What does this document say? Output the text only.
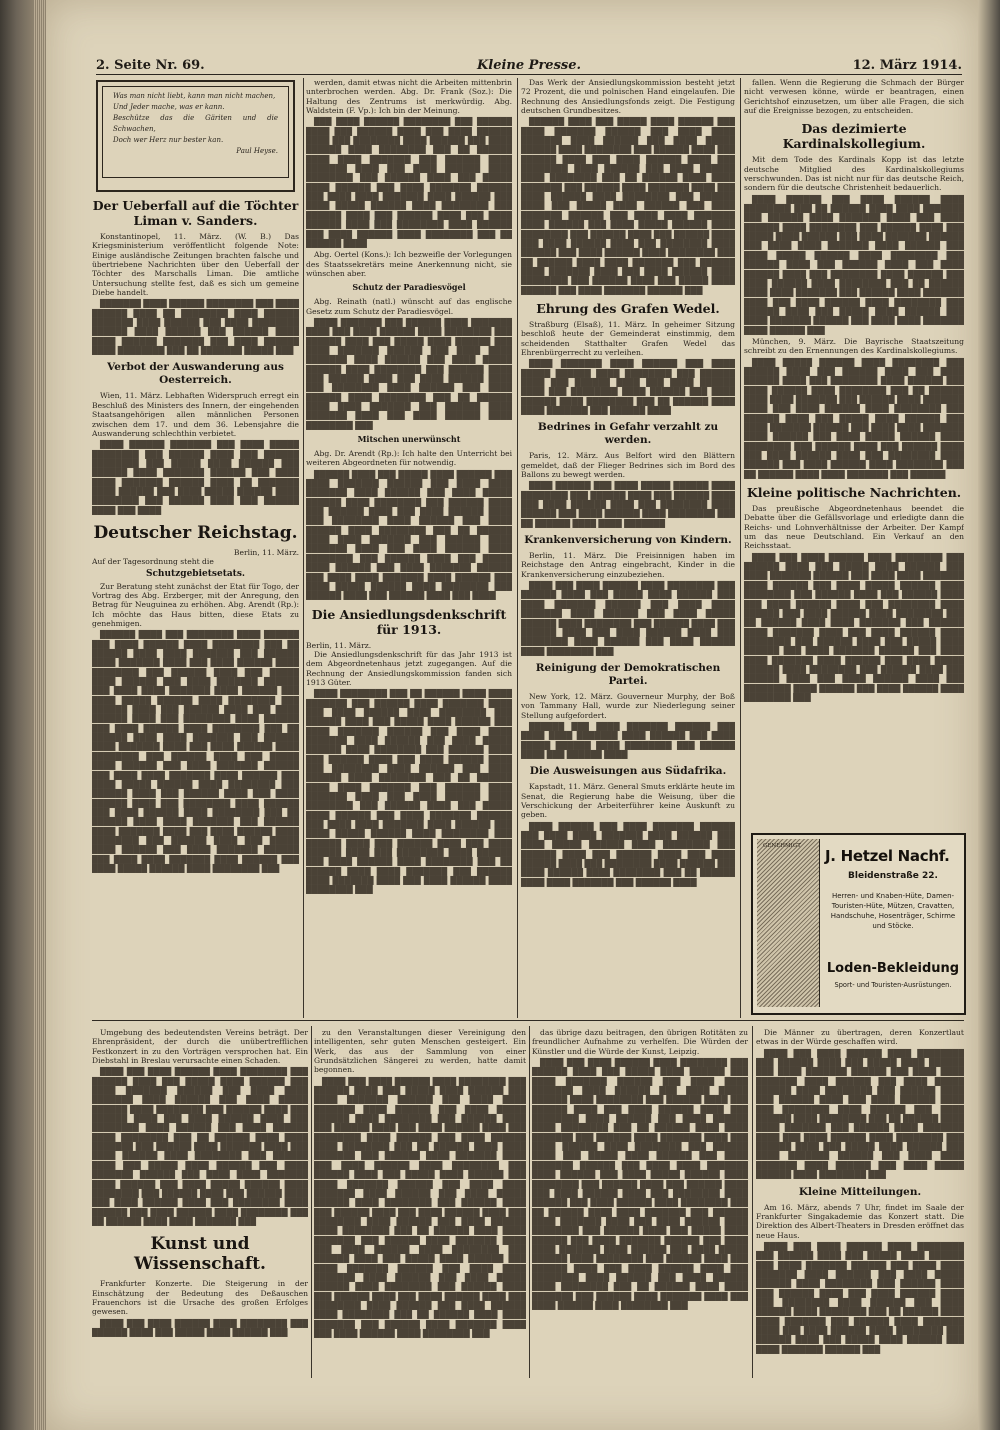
2. Seite Nr. 69.	Kleine Presse.	12. März 1914.
Was man nicht liebt, kann man nicht machen,
Und Jeder mache, was er kann.
Beschütze das die Gäriten und die Schwachen,
Doch wer Herz nur bester kan.
Paul Heyse.
Der Ueberfall auf die Töchter Liman v. Sanders.

Konstantinopel, 11. März. (W. B.) Das Kriegsministerium veröffentlicht folgende Note: Einige ausländische Zeitungen brachten falsche und übertriebene Nachrichten über den Ueberfall der Töchter des Marschalls Liman. Die amtliche Untersuchung stellte fest, daß es sich um gemeine Diebe handelt.

███████ ████ ██████ ████████ ███ ████ ██████ ████ ██ ████████ ████ ██████ ███████ ████ ██████ ███ ████ ████████ ██████ ████ ██████ ███ ██████ ████ ████ ██████ ███████ ███ ████ ██████ ████ ████████ ███ ██ ███████ █████ ███

Verbot der Auswanderung aus Oesterreich.

Wien, 11. März. Lebhaften Widerspruch erregt ein Beschluß des Ministers des Innern, der eingehenden Staatsangehörigen allen männlichen Personen zwischen dem 17. und dem 36. Lebensjahre die Auswanderung schlechthin verbietet.

████ ██████ ███████ ███ ████ █████ ████████ ███ ██████ ████ ███ ██████ ████████ ███ █████ ████ ██████ ███ ██████ ████ ███████ ██████ ███ ████ ████ ███████ ██████ ████ ██ ███████ ████ ██████ ███ ████ █████ ██████ ████ ████████ ███ ██████ ████ ███ ██████ ████ ███ ████

Deutscher Reichstag.
Berlin, 11. März.
Auf der Tagesordnung steht die
Schutzgebietsetats.

Zur Beratung steht zunächst der Etat für Togo, der Vortrag des Abg. Erzberger, mit der Anregung, den Betrag für Neuguinea zu erhöhen. Abg. Arendt (Rp.): Ich möchte das Haus bitten, diese Etats zu genehmigen.

██████ ████ ███ ████████ ████ ██████ ███ ████ ██████ ████ ████████ ███ ██ ██████ ████ ████ ███████ ███ ██████ ████ ███████ ████ ███ ████ ██████ ████ ████████ ███ ██████ ████ ███ █████ ████ ██████ ███ ████ ███████ ██████ ███ ████ ████ ███████ ████ ██████ ███ ████ █████ ██████ ████ ████████ ███ ██████ ████ ███ ██████ ████ ███ ████ ██████ ████ ███ ████████ ████ ██████ ███ ████ ██████ ████ ████████ ███ ██ ██████ ████ ████ ███████ ███ ██████ ████ ███████ ████ ███ ████ ██████ ████ ████████ ███ ██████ ████ ███ █████ ████ ██████ ███ ████ ███████ ██████ ███ ████ ████ ███████ ████ ██████ ███ ████ █████ ██████ ████ ████████ ███ ██████ ████ ███ ██████ ████ ███ ████ ██████ ████ ███ ████████ ████ ██████ ███ ████ ██████ ████ ████████ ███ ██ ██████ ████ ████ ███████ ███ ██████ ████ ███████ ████ ███ ████ ██████ ████ ████████ ███ ██████ ████ ███ █████ ████ ██████ ███ ████ ███████ ██████ ███ ████ ████ ███████ ████ ██████ ███ ████ █████ ██████ ████ ████████ ███

werden, damit etwas nicht die Arbeiten mittenbrin unterbrochen werden. Abg. Dr. Frank (Soz.): Die Haltung des Zentrums ist merkwürdig. Abg. Waldstein (F. Vp.): Ich bin der Meinung.

███ ████ ██████ ████████ ███ ██████ ████ ███ ██████ ████ ███ ████ ██████ ████ ███ ████████ ████ ██████ ███ ████ ██████ ████ ████████ ███ ██ ██████ ████ ████ ███████ ███ ██████ ████ ███████ ████ ███ ████ ██████ ████ ████████ ███ ██████ ████ ███ █████ ████ ██████ ███ ████ ███████ ██████ ███ ████ ████ ███████ ████ ██████ ███ ████ █████ ██████ ████ ████████ ███ ██████ ████ ███ ██████ ████ ███ ████ ██████ ████ ███ ████████ ████ ██████ ███ ████ ██████ ████ ████████ ███ ██ ██████ ████

Abg. Oertel (Kons.): Ich bezweifle der Vorlegungen des Staatssekretärs meine Anerkennung nicht, sie wünschen aber.

Schutz der Paradiesvögel

Abg. Reinath (natl.) wünscht auf das englische Gesetz zum Schutz der Paradiesvögel.

████ ███████ ███ ██████ ████ ███████ ████ ███ ████ ██████ ████ ████████ ███ ██████ ████ ███ █████ ████ ██████ ███ ████ ███████ ██████ ███ ████ ████ ███████ ████ ██████ ███ ████ █████ ██████ ████ ████████ ███ ██████ ████ ███ ██████ ████ ███ ████ ██████ ████ ███ ████████ ████ ██████ ███ ████ ██████ ████ ████████ ███ ██ ██████ ████ ████ ███████ ███ ██████ ████ ███████ ████ ███ ████ ██████ ████ ████████ ███

Mitschen unerwünscht

Abg. Dr. Arendt (Rp.): Ich halte den Unterricht bei weiteren Abgeordneten für notwendig.

██████ ████ ███ █████ ████ ██████ ███ ████ ███████ ██████ ███ ████ ████ ███████ ████ ██████ ███ ████ █████ ██████ ████ ████████ ███ ██████ ████ ███ ██████ ████ ███ ████ ██████ ████ ███ ████████ ████ ██████ ███ ████ ██████ ████ ████████ ███ ██ ██████ ████ ████ ███████ ███ ██████ ████ ███████ ████ ███ ████ ██████ ████ ████████ ███ ██████ ████ ███ █████ ████ ██████ ███ ████ ███████ ██████ ███ ████ ████ ███████ ████ ██████ ███ ████ █████ ██████ ████ ████████ ███ ██████ ████ ███ ██████ ████ ███ ████

Die Ansiedlungsdenkschrift für 1913.
Berlin, 11. März.

Die Ansiedlungsdenkschrift für das Jahr 1913 ist dem Abgeordnetenhaus jetzt zugegangen. Auf die Rechnung der Ansiedlungskommission fanden sich 1913 Güter.

████ ████████ ███ ██ ██████ ████ ████ ███████ ███ ██████ ████ ███████ ████ ███ ████ ██████ ████ ████████ ███ ██████ ████ ███ █████ ████ ██████ ███ ████ ███████ ██████ ███ ████ ████ ███████ ████ ██████ ███ ████ █████ ██████ ████ ████████ ███ ██████ ████ ███ ██████ ████ ███ ████ ██████ ████ ███ ████████ ████ ██████ ███ ████ ██████ ████ ████████ ███ ██ ██████ ████ ████ ███████ ███ ██████ ████ ███████ ████ ███ ████ ██████ ████ ████████ ███ ██████ ████ ███ █████ ████ ██████ ███ ████ ███████ ██████ ███ ████ ████ ███████ ████ ██████ ███ ████ █████ ██████ ████ ████████ ███ ██████ ████ ███ ██████ ████ ███ ████ ██████ ████ ███ ████████ ████ ██████ ███ ████ ██████ ████ ████████ ███ ██ ██████ ████ ████ ███████ ███ ██████ ████ ███████ ████ ███ ████ ██████ ████ ████████ ███

Das Werk der Ansiedlungskommission besteht jetzt 72 Prozent, die und polnischen Hand eingelaufen. Die Rechnung des Ansiedlungsfonds zeigt. Die Festigung deutschen Grundbesitzes.

██████ ████ ███ █████ ████ ██████ ███ ████ ███████ ██████ ███ ████ ████ ███████ ████ ██████ ███ ████ █████ ██████ ████ ████████ ███ ██████ ████ ███ ██████ ████ ███ ████ ██████ ████ ███ ████████ ████ ██████ ███ ████ ██████ ████ ████████ ███ ██ ██████ ████ ████ ███████ ███ ██████ ████ ███████ ████ ███ ████ ██████ ████ ████████ ███ ██████ ████ ███ █████ ████ ██████ ███ ████ ███████ ██████ ███ ████ ████ ███████ ████ ██████ ███ ████ █████ ██████ ████ ████████ ███ ██████ ████ ███ ██████ ████ ███ ████ ██████ ████ ███ ████████ ████ ██████ ███ ████ ██████ ████ ████████ ███ ██ ██████ ████ ████ ███████ ███ ██████ ████ ███████ ████ ███ ████ ██████ ████ ████████ ███ ██████ ████ ███ █████ ████ ██████ ███ ████ ███████ ██████ ███

Ehrung des Grafen Wedel.

Straßburg (Elsaß), 11. März. In geheimer Sitzung beschloß heute der Gemeinderat einstimmig, dem scheidenden Statthalter Grafen Wedel das Ehrenbürgerrecht zu verleihen.

████ ███████ ████ ██████ ███ ████ █████ ██████ ████ ████████ ███ ██████ ████ ███ ██████ ████ ███ ████ ██████ ████ ███ ████████ ████ ██████ ███ ████ ██████ ████ ████████ ███ ██ ██████ ████ ████ ███████ ███ ██████ ████

Bedrines in Gefahr verzahlt zu werden.

Paris, 12. März. Aus Belfort wird den Blättern gemeldet, daß der Flieger Bedrines sich im Bord des Ballons zu bewegt werden.

████ ██████ ███ ████ █████ ██████ ████ ████████ ███ ██████ ████ ███ ██████ ████ ███ ████ ██████ ████ ███ ████████ ████ ██████ ███ ████ ██████ ████ ████████ ███ ██ ██████ ████ ████ ███████

Krankenversicherung von Kindern.

Berlin, 11. März. Die Freisinnigen haben im Reichstage den Antrag eingebracht, Kinder in die Krankenversicherung einzubeziehen.

████ ███ ████ ██████ ████ ████████ ███ ██████ ████ ███ █████ ████ ██████ ███ ████ ███████ ██████ ███ ████ ████ ███████ ████ ██████ ███ ████ █████ ██████ ████ ████████ ███ ██████ ████ ███ ██████ ████ ███ ████ ██████ ████ ███ ████████ ████ ██████ ███ ████ ██████ ████ ████████ ███

Reinigung der Demokratischen Partei.

New York, 12. März. Gouverneur Murphy, der Boß von Tammany Hall, wurde zur Niederlegung seiner Stellung aufgefordert.

██████ ███ ████ ███████ ██████ ███ ████ ████ ███████ ████ ██████ ███ ████ █████ ██████ ████ ████████ ███ ██████ ████ ███ ██████ ████

Die Ausweisungen aus Südafrika.

Kapstadt, 11. März. General Smuts erklärte heute im Senat, die Regierung habe die Weisung, über die Verschickung der Arbeiterführer keine Auskunft zu geben.

████ ██████ ███ ████ ███████ ██████ ███ ████ ████ ███████ ████ ██████ ███ ████ █████ ██████ ████ ████████ ███ ██████ ████ ███ ██████ ████ ███ ████ ██████ ████ ███ ████████ ████ ██████ ███ ████ ██████ ████ ████████ ███ ██ ██████ ████ ████ ███████ ███ ██████ ████

fallen. Wenn die Regierung die Schmach der Bürger nicht verwesen könne, würde er beantragen, einen Gerichtshof einzusetzen, um über alle Fragen, die sich auf die Ereignisse bezogen, zu entscheiden.

Das dezimierte Kardinalskollegium.

Mit dem Tode des Kardinals Kopp ist das letzte deutsche Mitglied des Kardinalskollegiums verschwunden. Das ist nicht nur für das deutsche Reich, sondern für die deutsche Christenheit bedauerlich.

████ ██████ ███ ████ ██████ ████ ████████ ███ ██ ██████ ████ ████ ███████ ███ ██████ ████ ███████ ████ ███ ████ ██████ ████ ████████ ███ ██████ ████ ███ █████ ████ ██████ ███ ████ ███████ ██████ ███ ████ ████ ███████ ████ ██████ ███ ████ █████ ██████ ████ ████████ ███ ██████ ████ ███ ██████ ████ ███ ████ ██████ ████ ███ ████████ ████ ██████ ███ ████ ██████ ████ ████████ ███ ██ ██████ ████ ████ ███████ ███ ██████ ████ ███████ ████ ███ ████ ██████ ████ ████████ ███ ██████ ████ ███ █████ ████ ██████ ███ ████ ███████ ██████ ███ ████ ████ ███████ ████ ██████ ███

München, 9. März. Die Bayrische Staatszeitung schreibt zu den Ernennungen des Kardinalskollegiums.

████ █████ ██████ ████ ████████ ███ ██████ ████ ███ ██████ ████ ███ ████ ██████ ████ ███ ████████ ████ ██████ ███ ████ ██████ ████ ████████ ███ ██ ██████ ████ ████ ███████ ███ ██████ ████ ███████ ████ ███ ████ ██████ ████ ████████ ███ ██████ ████ ███ █████ ████ ██████ ███ ████ ███████ ██████ ███ ████ ████ ███████ ████ ██████ ███ ████ █████ ██████ ████ ████████ ███ ██████ ████ ███ ██████ ████ ███ ████ ██████ ████ ███ ████████ ████ ██████ ███ ████ ██████ ████ ████████ ███ ██ ██████ ████ ████ ███████ ███ ██████

Kleine politische Nachrichten.

Das preußische Abgeordnetenhaus beendet die Debatte über die Gefällsvorlage und erledigte dann die Reichs- und Lohnverhältnisse der Arbeiter. Der Kampf um das neue Deutschland. Ein Verkauf an den Reichsstaat.

████ ███ ████ ██████ ████ ████████ ███ ██████ ████ ███ █████ ████ ██████ ███ ████ ███████ ██████ ███ ████ ████ ███████ ████ ██████ ███ ████ █████ ██████ ████ ████████ ███ ██████ ████ ███ ██████ ████ ███ ████ ██████ ████ ███ ████████ ████ ██████ ███ ████ ██████ ████ ████████ ███ ██ ██████ ████ ████ ███████ ███ ██████ ████ ███████ ████ ███ ████ ██████ ████ ████████ ███ ██████ ████ ███ █████ ████ ██████ ███ ████ ███████ ██████ ███ ████ ████ ███████ ████ ██████ ███ ████ █████ ██████ ████ ████████ ███ ██████ ████ ███ ██████ ████ ███ ████ ██████ ████ ███ ████████ ████ ██████ ███ ████ ██████ ████ ████████ ███

GENEHMIGT
J. Hetzel Nachf.
Bleidenstraße 22.
Herren- und Knaben-Hüte, Damen-Touristen-Hüte, Mützen, Cravatten, Handschuhe, Hosenträger, Schirme und Stöcke.
Loden-Bekleidung
Sport- und Touristen-Ausrüstungen.

Umgebung des bedeutendsten Vereins beträgt. Der Ehrenpräsident, der durch die unübertrefflichen Festkonzert in zu den Vorträgen versprochen hat. Ein Diebstahl in Breslau verursachte einen Schaden.

████ ███ ████ ██████ ████ ████████ ███ ██████ ████ ███ █████ ████ ██████ ███ ████ ███████ ██████ ███ ████ ████ ███████ ████ ██████ ███ ████ █████ ██████ ████ ████████ ███ ██████ ████ ███ ██████ ████ ███ ████ ██████ ████ ███ ████████ ████ ██████ ███ ████ ██████ ████ ████████ ███ ██ ██████ ████ ████ ███████ ███ ██████ ████ ███████ ████ ███ ████ ██████ ████ ████████ ███ ██████ ████ ███ █████ ████ ██████ ███ ████ ███████ ██████ ███ ████ ████ ███████ ████ ██████ ███ ████ █████ ██████ ████ ████████ ███ ██████ ████ ███ ██████ ████ ███ ████ ██████ ████ ███ ████████ ████ ██████ ███ ████ ██████ ████ ████████ ███ ██ ██████ ████ ████ ███████ ███

Kunst und Wissenschaft.

Frankfurter Konzerte. Die Steigerung in der Einschätzung der Bedeutung des Deßauschen Frauenchors ist die Ursache des großen Erfolges gewesen.

████ ███ ████ ██████ ████ ████████ ███ ██████ ████ ███ █████ ████ ██████ ███

zu den Veranstaltungen dieser Vereinigung den intelligenten, sehr guten Menschen gesteigert. Ein Werk, das aus der Sammlung von einer Grundsätzlichen Sängerei zu werden, hatte damit begonnen.

████ ███ ████ ██████ ████ ████████ ███ ██████ ████ ███ █████ ████ ██████ ███ ████ ███████ ██████ ███ ████ ████ ███████ ████ ██████ ███ ████ █████ ██████ ████ ████████ ███ ██████ ████ ███ ██████ ████ ███ ████ ██████ ████ ███ ████████ ████ ██████ ███ ████ ██████ ████ ████████ ███ ██ ██████ ████ ████ ███████ ███ ██████ ████ ███████ ████ ███ ████ ██████ ████ ████████ ███ ██████ ████ ███ █████ ████ ██████ ███ ████ ███████ ██████ ███ ████ ████ ███████ ████ ██████ ███ ████ █████ ██████ ████ ████████ ███ ██████ ████ ███ ██████ ████ ███ ████ ██████ ████ ███ ████████ ████ ██████ ███ ████ ██████ ████ ████████ ███ ██ ██████ ████ ████ ███████ ███ ██████ ████ ███████ ████ ███ ████ ██████ ████ ████████ ███ ██████ ████ ███ █████ ████ ██████ ███ ████ ███████ ██████ ███ ████ ████ ███████ ████ ██████ ███ ████ █████ ██████ ████ ████████ ███ ██████ ████ ███ ██████ ████ ███ ████ ██████ ████ ███ ████████ ████ ██████ ███ ████ ██████ ████ ████████ ███ ██ ██████ ████ ████ ███████ ███ ██████ ████ ███████ ████ ███ ████ ██████ ████ ████████ ███

das übrige dazu beitragen, den übrigen Rotitäten zu freundlicher Aufnahme zu verhelfen. Die Würden der Künstler und die Würde der Kunst, Leipzig.

████ ███ ████ ██████ ████ ████████ ███ ██████ ████ ███ █████ ████ ██████ ███ ████ ███████ ██████ ███ ████ ████ ███████ ████ ██████ ███ ████ █████ ██████ ████ ████████ ███ ██████ ████ ███ ██████ ████ ███ ████ ██████ ████ ███ ████████ ████ ██████ ███ ████ ██████ ████ ████████ ███ ██ ██████ ████ ████ ███████ ███ ██████ ████ ███████ ████ ███ ████ ██████ ████ ████████ ███ ██████ ████ ███ █████ ████ ██████ ███ ████ ███████ ██████ ███ ████ ████ ███████ ████ ██████ ███ ████ █████ ██████ ████ ████████ ███ ██████ ████ ███ ██████ ████ ███ ████ ██████ ████ ███ ████████ ████ ██████ ███ ████ ██████ ████ ████████ ███ ██ ██████ ████ ████ ███████ ███ ██████ ████ ███████ ████ ███ ████ ██████ ████ ████████ ███ ██████ ████ ███ █████ ████ ██████ ███ ████ ███████ ██████ ███ ████ ████ ███████ ████ ██████ ███ ████ █████ ██████ ████ ████████ ███ ██████ ████ ███ ██████ ████ ███ ████ ██████ ████ ███ ████████ ████ ██████ ███ ████ ██████ ████ ████████ ███ ██ ██████ ████ ████ ███████ ███ ██████ ████ ███████ ████ ███ ████ ██████ ████ ████████ ███

Die Männer zu übertragen, deren Konzertlaut etwas in der Würde geschaffen wird.

████ ███ ████ ██████ ████ ████████ ███ ██████ ████ ███ █████ ████ ██████ ███ ████ ███████ ██████ ███ ████ ████ ███████ ████ ██████ ███ ████ █████ ██████ ████ ████████ ███ ██████ ████ ███ ██████ ████ ███ ████ ██████ ████ ███ ████████ ████ ██████ ███ ████ ██████ ████ ████████ ███ ██ ██████ ████ ████ ███████ ███ ██████ ████ ███████ ████ ███ ████ ██████ ████ ████████ ███ ██████ ████ ███ █████ ████ ██████ ███ ████ ███████ ██████ ███ ████ ████ ███████ ████ ██████ ███ ████ █████ ██████ ████ ████████ ███

Kleine Mitteilungen.

Am 16. März, abends 7 Uhr, findet im Saale der Frankfurter Singakademie das Konzert statt. Die Direktion des Albert-Theaters in Dresden eröffnet das neue Haus.

████ ███ ████ ██████ ████ ████████ ███ ██████ ████ ███ █████ ████ ██████ ███ ████ ███████ ██████ ███ ████ ████ ███████ ████ ██████ ███ ████ █████ ██████ ████ ████████ ███ ██████ ████ ███ ██████ ████ ███ ████ ██████ ████ ███ ████████ ████ ██████ ███ ████ ██████ ████ ████████ ███ ██ ██████ ████ ████ ███████ ███ ██████ ████ ███████ ████ ███ ████ ██████ ████ ████████ ███ ██████ ████ ███ █████ ████ ██████ ███ ████ ███████ ██████ ███
